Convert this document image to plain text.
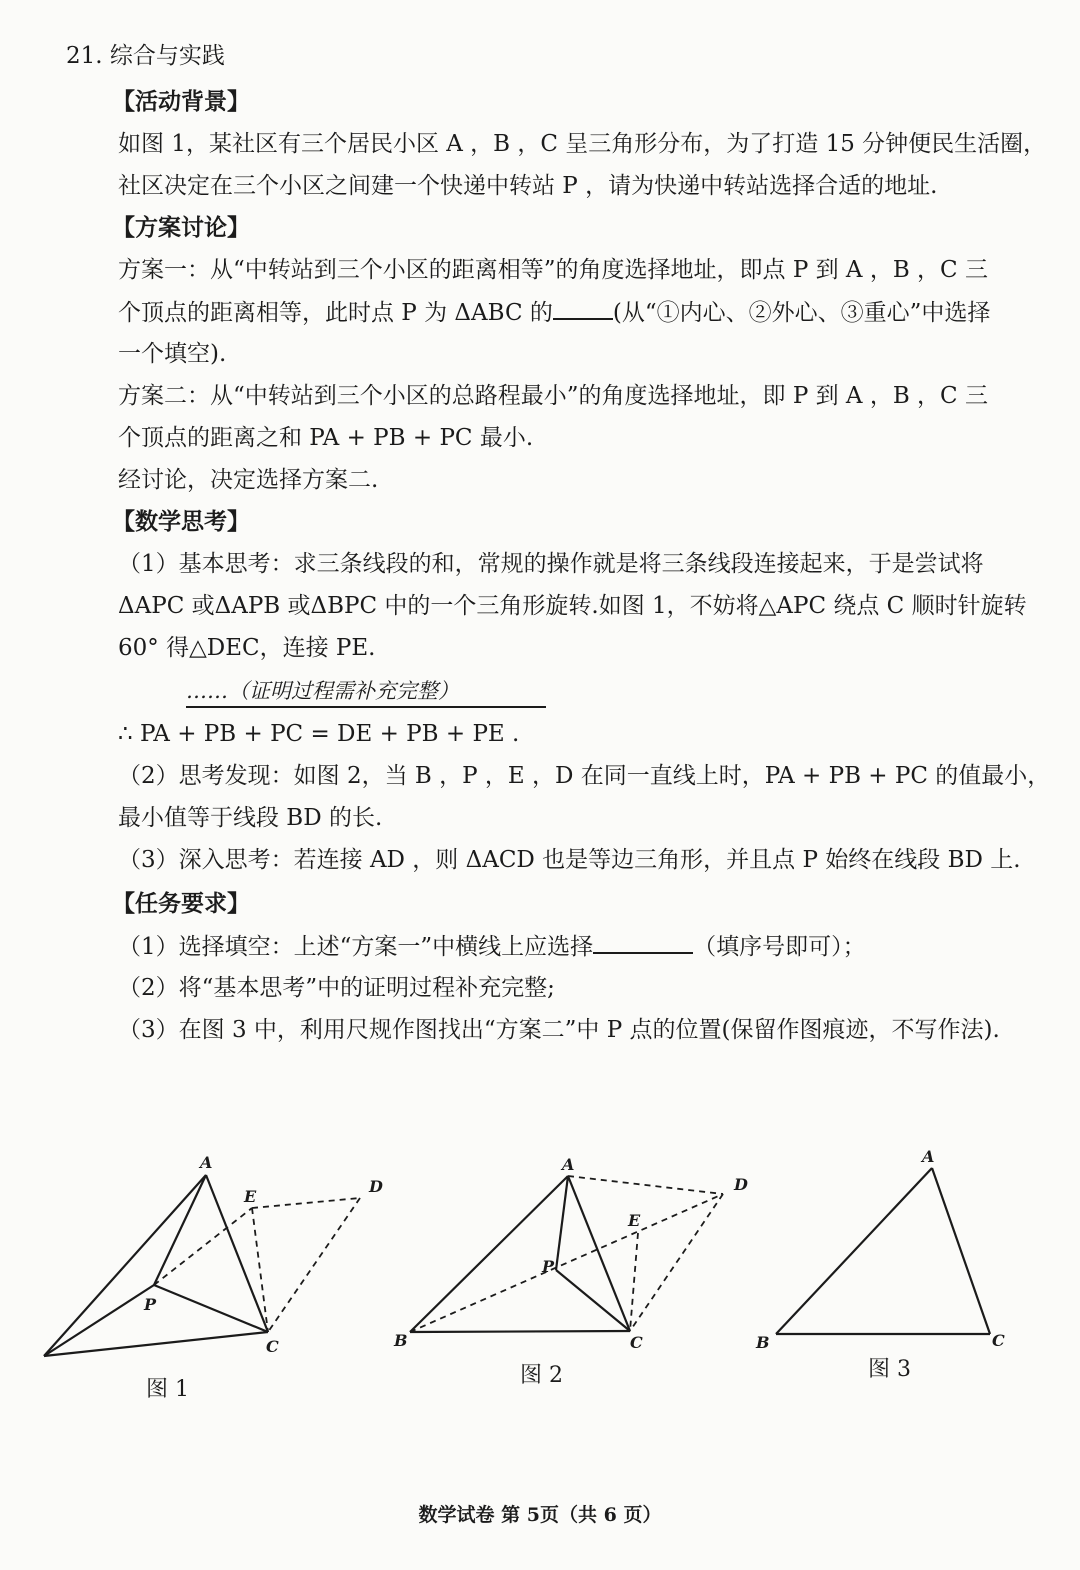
21. 综合与实践
【活动背景】
如图 1，某社区有三个居民小区 A ，B ，C 呈三角形分布，为了打造 15 分钟便民生活圈，
社区决定在三个小区之间建一个快递中转站 P ，请为快递中转站选择合适的地址.
【方案讨论】
方案一：从“中转站到三个小区的距离相等”的角度选择地址，即点 P 到 A ，B ，C 三
个顶点的距离相等，此时点 P 为 ΔABC 的	(从“①内心、②外心、③重心”中选择
一个填空).
方案二：从“中转站到三个小区的总路程最小”的角度选择地址，即 P 到 A ，B ，C 三
个顶点的距离之和 PA + PB + PC 最小.
经讨论，决定选择方案二.
【数学思考】
（1）基本思考：求三条线段的和，常规的操作就是将三条线段连接起来，于是尝试将
ΔAPC 或ΔAPB 或ΔBPC 中的一个三角形旋转.如图 1，不妨将△APC 绕点 C 顺时针旋转
60° 得△DEC，连接 PE.
……（证明过程需补充完整）
∴ PA + PB + PC = DE + PB + PE .
（2）思考发现：如图 2，当 B ，P ，E ，D 在同一直线上时，PA + PB + PC 的值最小，
最小值等于线段 BD 的长.
（3）深入思考：若连接 AD ，则 ΔACD 也是等边三角形，并且点 P 始终在线段 BD 上.
【任务要求】
（1）选择填空：上述“方案一”中横线上应选择	（填序号即可）；
（2）将“基本思考”中的证明过程补充完整;
（3）在图 3 中，利用尺规作图找出“方案二”中 P 点的位置(保留作图痕迹，不写作法).
A
E
D
P
C
图 1
A
D
E
P
B	C
图 2
A
B	C
图 3
数学试卷 第 5页（共 6 页）
